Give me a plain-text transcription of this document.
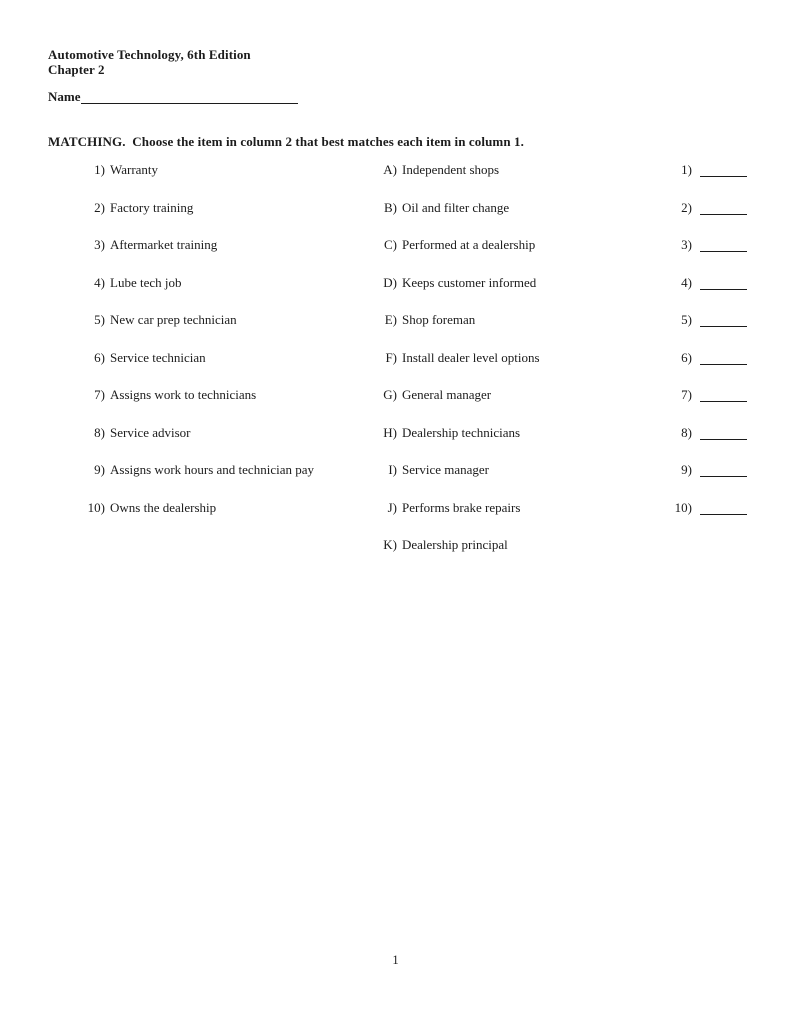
Automotive Technology, 6th Edition
Chapter 2
Name
MATCHING.  Choose the item in column 2 that best matches each item in column 1.
1) Warranty	A) Independent shops	1)
2) Factory training	B) Oil and filter change	2)
3) Aftermarket training	C) Performed at a dealership	3)
4) Lube tech job	D) Keeps customer informed	4)
5) New car prep technician	E) Shop foreman	5)
6) Service technician	F) Install dealer level options	6)
7) Assigns work to technicians	G) General manager	7)
8) Service advisor	H) Dealership technicians	8)
9) Assigns work hours and technician pay	I) Service manager	9)
10) Owns the dealership	J) Performs brake repairs	10)
K) Dealership principal
1
